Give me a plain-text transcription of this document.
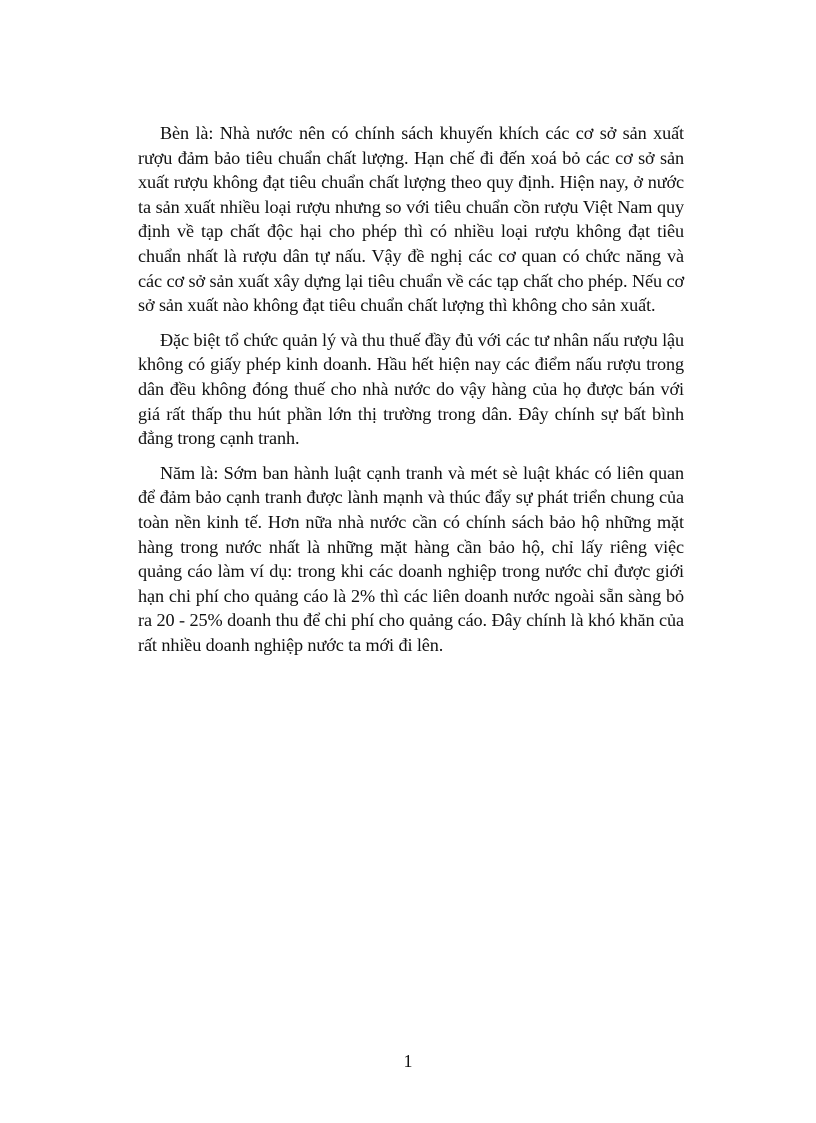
Bèn là: Nhà nước nên có chính sách khuyến khích các cơ sở sản xuất rượu đảm bảo tiêu chuẩn chất lượng. Hạn chế đi đến xoá bỏ các cơ sở sản xuất rượu không đạt tiêu chuẩn chất lượng theo quy định. Hiện nay, ở nước ta sản xuất nhiều loại rượu nhưng so với tiêu chuẩn cồn rượu Việt Nam quy định về tạp chất độc hại cho phép thì có nhiều loại rượu không đạt tiêu chuẩn nhất là rượu dân tự nấu. Vậy đề nghị các cơ quan có chức năng và các cơ sở sản xuất xây dựng lại tiêu chuẩn về các tạp chất cho phép. Nếu cơ sở sản xuất nào không đạt tiêu chuẩn chất lượng thì không cho sản xuất.

Đặc biệt tổ chức quản lý và thu thuế đầy đủ với các tư nhân nấu rượu lậu không có giấy phép kinh doanh. Hầu hết hiện nay các điểm nấu rượu trong dân đều không đóng thuế cho nhà nước do vậy hàng của họ được bán với giá rất thấp thu hút phần lớn thị trường trong dân. Đây chính sự bất bình đẳng trong cạnh tranh.

Năm là: Sớm ban hành luật cạnh tranh và mét sè luật khác có liên quan để đảm bảo cạnh tranh được lành mạnh và thúc đẩy sự phát triển chung của toàn nền kinh tế. Hơn nữa nhà nước cần có chính sách bảo hộ những mặt hàng trong nước nhất là những mặt hàng cần bảo hộ, chỉ lấy riêng việc quảng cáo làm ví dụ: trong khi các doanh nghiệp trong nước chỉ được giới hạn chi phí cho quảng cáo là 2% thì các liên doanh nước ngoài sẵn sàng bỏ ra 20 - 25% doanh thu để chi phí cho quảng cáo. Đây chính là khó khăn của rất nhiều doanh nghiệp nước ta mới đi lên.

1
